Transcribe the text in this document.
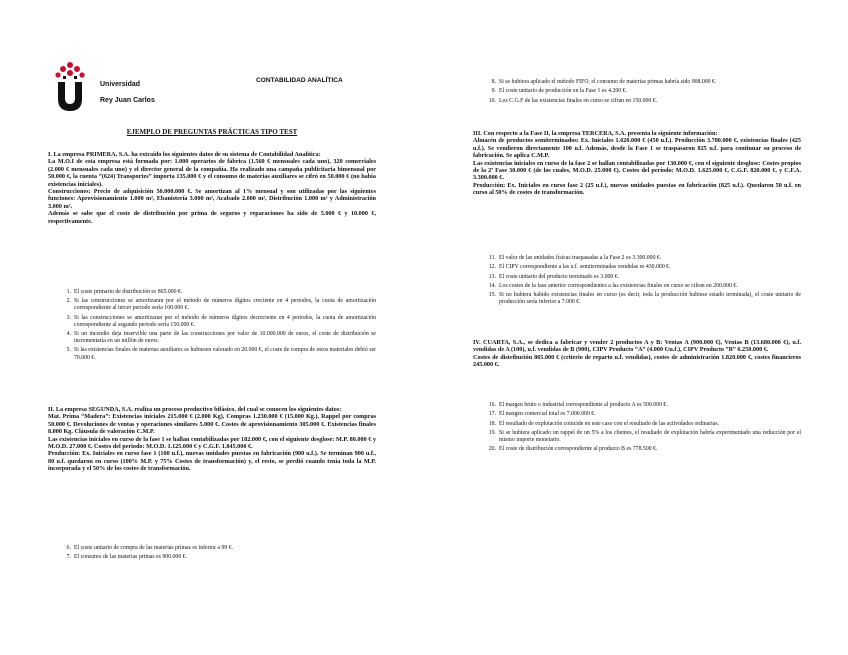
Universidad
Rey Juan Carlos
CONTABILIDAD ANALÍTICA
EJEMPLO DE PREGUNTAS PRÁCTICAS TIPO TEST

I. La empresa PRIMERA, S.A. ha extraído los siguientes datos de su sistema de Contabilidad Analítica:

La M.O.I de esta empresa está formada por: 1.000 operarios de fábrica (1.560 € mensuales cada uno), 320 comerciales (2.000 € mensuales cada uno) y el director general de la compañía. Ha realizado una campaña publicitaria bimensual por 50.000 €, la cuenta “(624) Transportes” importa 135.000 € y el consumo de materias auxiliares se cifró en 50.000 € (no había existencias iniciales).

Construcciones: Precio de adquisición 50.000.000 €. Se amortizan al 1% mensual y son utilizadas por las siguientes funciones: Aprovisionamiento 1.000 m², Ebanistería 3.000 m², Acabado 2.000 m², Distribución 1.000 m² y Administración 3.000 m².

Además se sabe que el coste de distribución por prima de seguros y reparaciones ha sido de 5.000 € y 10.000 €, respectivamente.

1 . El coste primario de distribución es 865.000 €.
2 . Si las construcciones se amortizaran por el método de números dígitos creciente en 4 periodos, la cuota de amortización correspondiente al tercer periodo sería 100.000 €.
3 . Si las construcciones se amortizaran por el método de números dígitos decreciente en 4 periodos, la cuota de amortización correspondiente al segundo periodo sería 150.000 €.
4 . Si un incendio deja inservible una parte de las construcciones por valor de 10.000.000 de euros, el coste de distribución se incrementaría en un millón de euros.
5 . Si las existencias finales de materias auxiliares se hubiesen valorado en 20.000 €, el coste de compra de estos materiales debió ser 70.000 €.

II. La empresa SEGUNDA, S.A. realiza un proceso productivo bifásico, del cual se conocen los siguientes datos:

Mat. Prima “Madera”: Existencias iniciales 215.000 € (2.000 Kg), Compras 1.230.000 € (15.000 Kg.), Rappel por compras 50.000 €. Devoluciones de ventas y operaciones similares 5.000 €. Costes de aprovisionamiento 305.000 €. Existencias finales 8.000 Kg. Cláusula de valoración C.M.P.

Las existencias iniciales en curso de la fase 1 se hallan contabilizadas por 182.000 €, con el siguiente desglose: M.P. 80.000 € y M.O.D. 27.000 €. Costes del periodo: M.O.D. 1.125.000 € y C.G.F. 1.845.000 €.

Producción: Ex. Iniciales en curso fase 1 (100 u.f.), nuevas unidades puestas en fabricación (900 u.f.). Se terminan 900 u.f., 80 u.f. quedaron en curso (100% M.P. y 75% Costes de transformación) y, el resto, se perdió cuando tenía toda la M.P. incorporada y el 50% de los costes de transformación.

6 . El coste unitario de compra de las materias primas es inferior a 99 €.
7 . El consumo de las materias primas es 900.000 €.
8 . Si se hubiera aplicado el método FIFO, el consumo de materias primas habría sido 908.000 €.
9 . El coste unitario de producción en la Fase 1 es 4.200 €.
10 . Los C.G.F de las existencias finales en curso se cifran en 150.000 €.

III. Con respecto a la Fase II, la empresa TERCERA, S.A. presenta la siguiente información:

Almacén de productos semiterminados: Ex. Iniciales 1.620.000 € (450 u.f.). Producción 3.780.000 €, existencias finales (425 u.f.). Se vendieron directamente 100 u.f. Además, desde la Fase 1 se traspasaron 825 u.f. para continuar su proceso de fabricación. Se aplica C.M.P.

Las existencias iniciales en curso de la fase 2 se hallan contabilizadas por 130.000 €, con el siguiente desglose: Costes propios de la 2ª Fase 30.000 € (de los cuales, M.O.D. 25.000 €). Costes del período: M.O.D. 1.625.000 €, C.G.F. 820.000 €. y C.F.A. 3.300.000 €.

Producción: Ex. Iniciales en curso fase 2 (25 u.f.), nuevas unidades puestas en fabricación (825 u.f.). Quedaron 50 u.f. en curso al 50% de costes de transformación.

11 . El valor de las unidades físicas traspasadas a la Fase 2 es 3.300.000 €.
12 . El CIPV correspondiente a las u.f. semiterminadas vendidas es 430.000 €.
13 . El coste unitario del producto terminado es 3.000 €.
14 . Los costes de la fase anterior correspondientes a las existencias finales en curso se cifran en 200.000 €.
15 . Si no hubiera habido existencias finales en curso (es decir, toda la producción hubiese estado terminada), el coste unitario de producción sería inferior a 7.000 €.

IV. CUARTA, S.A., se dedica a fabricar y vender 2 productos A y B: Ventas A (900.000 €), Ventas B (13.680.000 €), u.f. vendidas de A (100), u.f. vendidas de B (900), CIPV Producto “A” (4.000 €/u.f.), CIPV Producto “B” 6.250.000 €.

Costes de distribución 865.000 € (criterio de reparto u.f. vendidas), costes de administración 1.820.000 €, costes financieros 245.000 €.

16 . El margen bruto o industrial correspondiente al producto A es 500.000 €.
17 . El margen comercial total es 7.000.000 €.
18 . El resultado de explotación coincide en este caso con el resultado de las actividades ordinarias.
19 . Si se hubiera aplicado un rappel de un 5% a los clientes, el resultado de explotación habría experimentado una reducción por el mismo importe monetario.
20 . El coste de distribución correspondiente al producto B es 778.500 €.
